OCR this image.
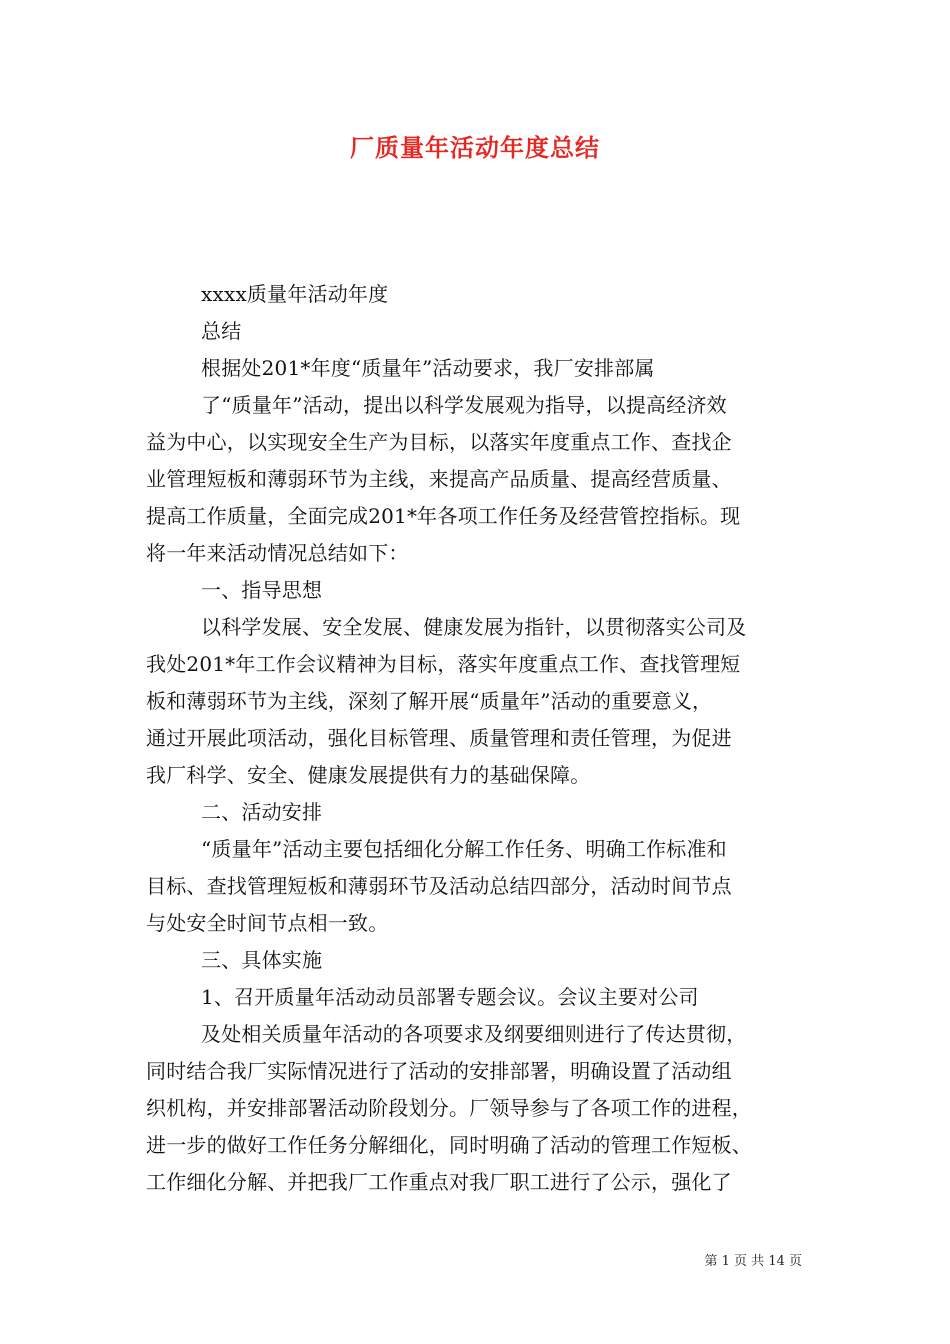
厂质量年活动年度总结
xxxx质量年活动年度
总结
根据处201*年度“质量年”活动要求，我厂安排部属
了“质量年”活动，提出以科学发展观为指导，以提高经济效
益为中心，以实现安全生产为目标，以落实年度重点工作、查找企
业管理短板和薄弱环节为主线，来提高产品质量、提高经营质量、
提高工作质量，全面完成201*年各项工作任务及经营管控指标。现
将一年来活动情况总结如下：
一、指导思想
以科学发展、安全发展、健康发展为指针，以贯彻落实公司及
我处201*年工作会议精神为目标，落实年度重点工作、查找管理短
板和薄弱环节为主线，深刻了解开展“质量年”活动的重要意义，
通过开展此项活动，强化目标管理、质量管理和责任管理，为促进
我厂科学、安全、健康发展提供有力的基础保障。
二、活动安排
“质量年”活动主要包括细化分解工作任务、明确工作标准和
目标、查找管理短板和薄弱环节及活动总结四部分，活动时间节点
与处安全时间节点相一致。
三、具体实施
1、召开质量年活动动员部署专题会议。会议主要对公司
及处相关质量年活动的各项要求及纲要细则进行了传达贯彻，
同时结合我厂实际情况进行了活动的安排部署，明确设置了活动组
织机构，并安排部署活动阶段划分。厂领导参与了各项工作的进程，
进一步的做好工作任务分解细化，同时明确了活动的管理工作短板、
工作细化分解、并把我厂工作重点对我厂职工进行了公示，强化了
第 1 页 共 14 页
